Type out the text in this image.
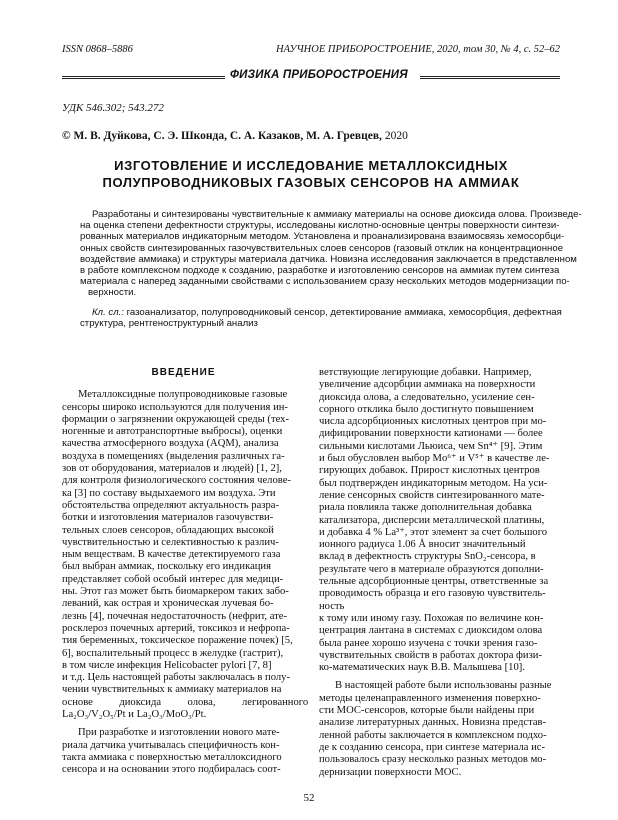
ISSN 0868–5886	НАУЧНОЕ ПРИБОРОСТРОЕНИЕ, 2020, том 30, № 4, с. 52–62
ФИЗИКА ПРИБОРОСТРОЕНИЯ
УДК 546.302; 543.272
© М. В. Дуйкова, С. Э. Шконда, С. А. Казаков, М. А. Гревцев, 2020
ИЗГОТОВЛЕНИЕ И ИССЛЕДОВАНИЕ МЕТАЛЛОКСИДНЫХ
ПОЛУПРОВОДНИКОВЫХ ГАЗОВЫХ СЕНСОРОВ НА АММИАК
Разработаны и синтезированы чувствительные к аммиаку материалы на основе диоксида олова. Произведе-
на оценка степени дефектности структуры, исследованы кислотно-основные центры поверхности синтези-
рованных материалов индикаторным методом. Установлена и проанализирована взаимосвязь хемосорбци-
онных свойств синтезированных газочувствительных слоев сенсоров (газовый отклик на концентрационное
воздействие аммиака) и структуры материала датчика. Новизна исследования заключается в представленном
в работе комплексном подходе к созданию, разработке и изготовлению сенсоров на аммиак путем синтеза
материала с наперед заданными свойствами с использованием сразу нескольких методов модернизации по-
верхности.
Кл. сл.: газоанализатор, полупроводниковый сенсор, детектирование аммиака, хемосорбция, дефектная
структура, рентгеноструктурный анализ
ВВЕДЕНИЕ
Металлоксидные полупроводниковые газовые
сенсоры широко используются для получения ин-
формации о загрязнении окружающей среды (тех-
ногенные и автотранспортные выбросы), оценки
качества атмосферного воздуха (AQM), анализа
воздуха в помещениях (выделения различных га-
зов от оборудования, материалов и людей) [1, 2],
для контроля физиологического состояния челове-
ка [3] по составу выдыхаемого им воздуха. Эти
обстоятельства определяют актуальность разра-
ботки и изготовления материалов газочувстви-
тельных слоев сенсоров, обладающих высокой
чувствительностью и селективностью к различ-
ным веществам. В качестве детектируемого газа
был выбран аммиак, поскольку его индикация
представляет собой особый интерес для медици-
ны. Этот газ может быть биомаркером таких забо-
леваний, как острая и хроническая лучевая бо-
лезнь [4], почечная недостаточность (нефрит, ате-
росклероз почечных артерий, токсикоз и нефропа-
тия беременных, токсическое поражение почек) [5,
6], воспалительный процесс в желудке (гастрит),
в том числе инфекция Helicobacter pylori [7, 8]
и т.д. Цель настоящей работы заключалась в полу-
чении чувствительных к аммиаку материалов на
основе          диоксида          олова,          легированного
La₂O₃/V₂O₅/Pt и La₂O₃/MoO₃/Pt.
При разработке и изготовлении нового мате-
риала датчика учитывалась специфичность кон-
такта аммиака с поверхностью металлоксидного
сенсора и на основании этого подбиралась соот-
ветствующие легирующие добавки. Например,
увеличение адсорбции аммиака на поверхности
диоксида олова, а следовательно, усиление сен-
сорного отклика было достигнуто повышением
числа адсорбционных кислотных центров при мо-
дифицировании поверхности катионами — более
сильными кислотами Льюиса, чем Sn⁴⁺ [9]. Этим
и был обусловлен выбор Mo⁶⁺ и V⁵⁺ в качестве ле-
гирующих добавок. Прирост кислотных центров
был подтвержден индикаторным методом. На уси-
ление сенсорных свойств синтезированного мате-
риала повлияла также дополнительная добавка
катализатора, дисперсии металлической платины,
и добавка 4 % La³⁺, этот элемент за счет большого
ионного радиуса 1.06 Å вносит значительный
вклад в дефектность структуры SnO₂-сенсора, в
результате чего в материале образуются дополни-
тельные адсорбционные центры, ответственные за
проводимость образца и его газовую чувствитель-
ность
к тому или иному газу. Похожая по величине кон-
центрация лантана в системах с диоксидом олова
была ранее хорошо изучена с точки зрения газо-
чувствительных свойств в работах доктора физи-
ко-математических наук В.В. Малышева [10].
В настоящей работе были использованы разные
методы целенаправленного изменения поверхно-
сти МОС-сенсоров, которые были найдены при
анализе литературных данных. Новизна представ-
ленной работы заключается в комплексном подхо-
де к созданию сенсора, при синтезе материала ис-
пользовалось сразу несколько разных методов мо-
дернизации поверхности МОС.
52
